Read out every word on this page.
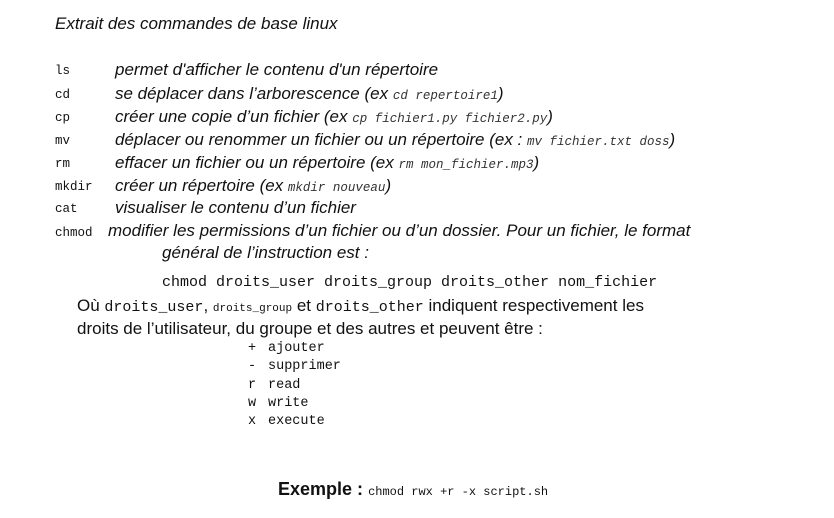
Extrait des commandes de base linux
ls	permet d'afficher le contenu d'un répertoire
cd	se déplacer dans l’arborescence (ex cd repertoire1)
cp	créer une copie d’un fichier (ex cp fichier1.py fichier2.py)
mv	déplacer ou renommer un fichier ou un répertoire (ex : mv fichier.txt doss)
rm	effacer un fichier ou un répertoire (ex rm mon_fichier.mp3)
mkdir créer un répertoire (ex mkdir nouveau)
cat visualiser le contenu d’un fichier
chmod modifier les permissions d’un fichier ou d’un dossier. Pour un fichier, le format
général de l’instruction est :
chmod droits_user droits_group droits_other nom_fichier
Où droits_user, droits_group et droits_other indiquent respectivement les
droits de l’utilisateur, du groupe et des autres et peuvent être :
+ ajouter
- supprimer
r read
w write
x execute
Exemple : chmod rwx +r -x script.sh
